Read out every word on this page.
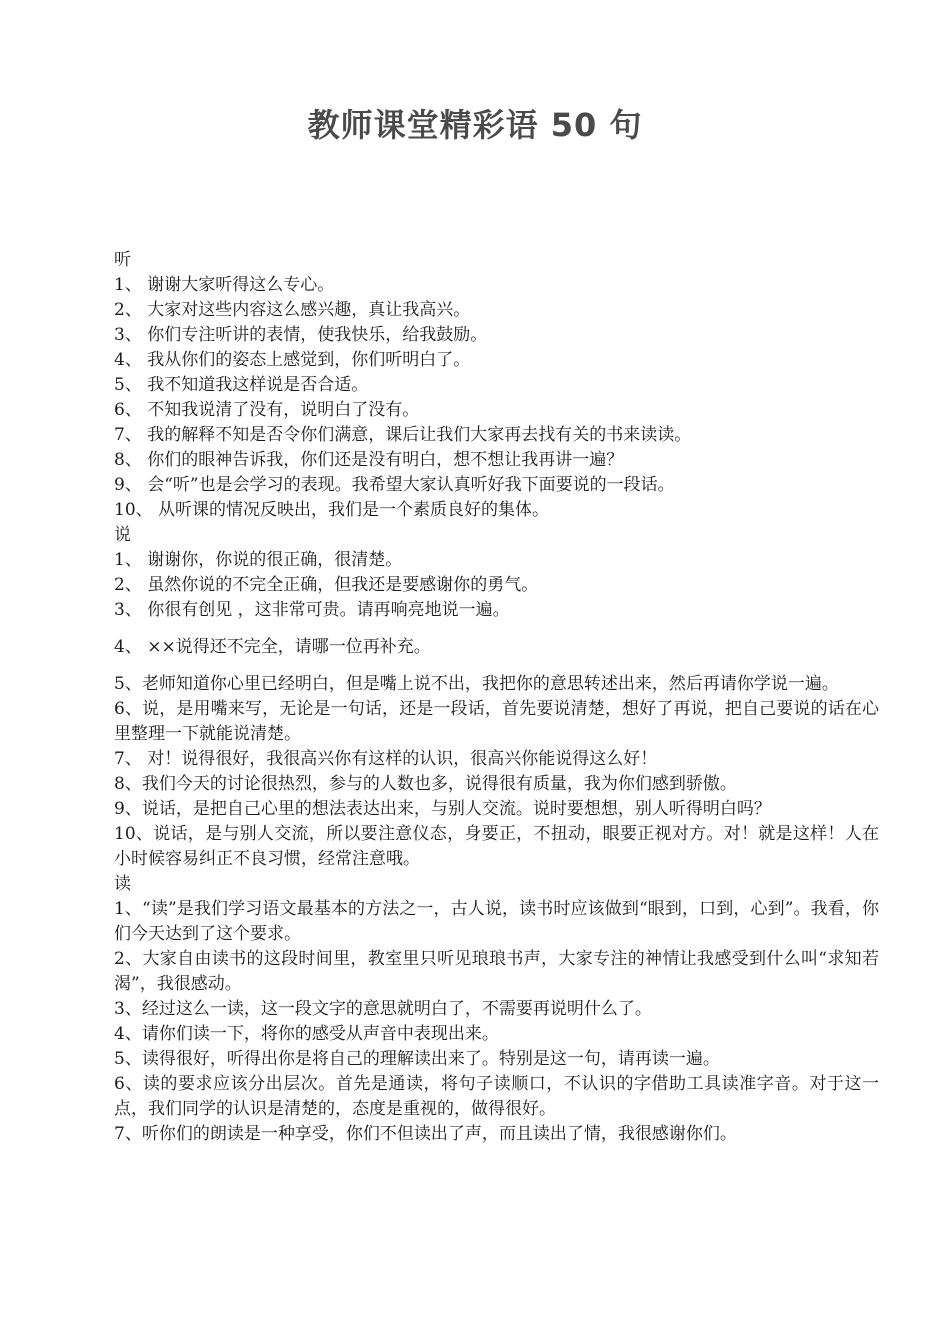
教师课堂精彩语 50 句
听
1、 谢谢大家听得这么专心。
2、 大家对这些内容这么感兴趣，真让我高兴。
3、 你们专注听讲的表情，使我快乐，给我鼓励。
4、 我从你们的姿态上感觉到，你们听明白了。
5、 我不知道我这样说是否合适。
6、 不知我说清了没有，说明白了没有。
7、 我的解释不知是否令你们满意，课后让我们大家再去找有关的书来读读。
8、 你们的眼神告诉我，你们还是没有明白，想不想让我再讲一遍？
9、 会“听”也是会学习的表现。我希望大家认真听好我下面要说的一段话。
10、 从听课的情况反映出，我们是一个素质良好的集体。
说
1、 谢谢你，你说的很正确，很清楚。
2、 虽然你说的不完全正确，但我还是要感谢你的勇气。
3、 你很有创见 ，这非常可贵。请再响亮地说一遍。
4、 ××说得还不完全，请哪一位再补充。
5、老师知道你心里已经明白，但是嘴上说不出，我把你的意思转述出来，然后再请你学说一遍。
6、说，是用嘴来写，无论是一句话，还是一段话，首先要说清楚，想好了再说，把自己要说的话在心里整理一下就能说清楚。
7、 对！说得很好，我很高兴你有这样的认识，很高兴你能说得这么好！
8、我们今天的讨论很热烈，参与的人数也多，说得很有质量，我为你们感到骄傲。
9、说话，是把自己心里的想法表达出来，与别人交流。说时要想想，别人听得明白吗？
10、说话，是与别人交流，所以要注意仪态，身要正，不扭动，眼要正视对方。对！就是这样！人在小时候容易纠正不良习惯，经常注意哦。
读
1、“读”是我们学习语文最基本的方法之一，古人说，读书时应该做到“眼到，口到，心到”。我看，你们今天达到了这个要求。
2、大家自由读书的这段时间里，教室里只听见琅琅书声，大家专注的神情让我感受到什么叫“求知若渴”，我很感动。
3、经过这么一读，这一段文字的意思就明白了，不需要再说明什么了。
4、请你们读一下，将你的感受从声音中表现出来。
5、读得很好，听得出你是将自己的理解读出来了。特别是这一句，请再读一遍。
6、读的要求应该分出层次。首先是通读，将句子读顺口，不认识的字借助工具读准字音。对于这一点，我们同学的认识是清楚的，态度是重视的，做得很好。
7、听你们的朗读是一种享受，你们不但读出了声，而且读出了情，我很感谢你们。
